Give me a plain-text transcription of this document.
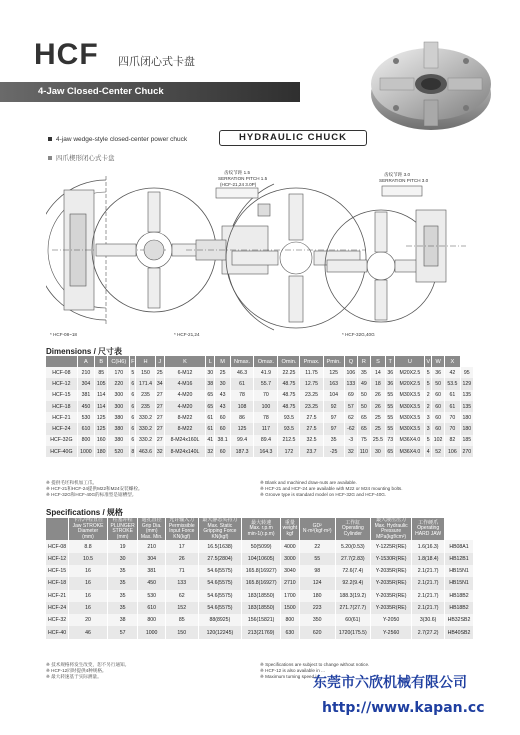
HCF 四爪闭心式卡盘
4-Jaw Closed-Center Chuck
4-jaw wedge-style closed-center power chuck
四爪楔形闭心式卡盘
HYDRAULIC CHUCK
* HCF-08~18	* HCF-21,24	* HCF-32G,40G
齿纹节距 1.5
SERRATION PITCH 1.5
(HCF-21,24 3.0P)
齿纹节距 3.0
SERRATION PITCH 3.0
Dimensions / 尺寸表
	A	B	C(H6)	F	H	J	K	L	M	Nmax.	Omax.	Omin.	Pmax.	Pmin.	Q	R	S	T	U	V	W	X	
HCF-08	210	85	170	5	150	25	6-M12	30	25	46.3	41.9	22.25	11.75	125	106	35	14	36	M20X2.5	5	36	42	95
HCF-12	304	105	220	6	171.4	34	4-M16	38	30	61	55.7	48.75	12.75	163	133	49	18	36	M20X2.5	5	50	53.5	129
HCF-15	381	114	300	6	235	27	4-M20	65	43	78	70	48.75	23.25	104	69	50	26	55	M30X3.5	2	60	61	135
HCF-18	450	114	300	6	235	27	4-M20	65	43	108	100	48.75	23.25	92	57	50	26	55	M30X3.5	2	60	61	135
HCF-21	530	125	380	6	330.2	27	8-M22	61	60	86	78	93.5	27.5	97	62	65	25	55	M30X3.5	3	60	70	180
HCF-24	610	125	380	6	330.2	27	8-M22	61	60	125	117	93.5	27.5	97	-62	65	25	55	M30X3.5	3	60	70	180
HCF-32G	800	160	380	6	330.2	27	8-M24x160L	41	38.1	99.4	89.4	212.5	32.5	35	-3	75	25.5	73	M36X4.0	5	102	82	185
HCF-40G	1000	180	520	8	463.6	32	8-M24x140L	32	60	187.3	164.3	172	23.7	-25	32	110	30	65	M36X4.0	4	52	106	270
※ 提供毛坯和机加工爪。
※ HCF-21和HCF-24提供M22和M24安装螺栓。
※ HCF-32G和HCF-40G的标准型是锯槽型。
※ Blank and machined draw-nuts are available.
※ HCF-21 and HCF-24 are available with M22 or M24 mounting bolts.
※ Groove type is standard model on HCF-32G and HCF-40G.
Specifications / 规格
	卡爪冲程直径
Jaw STROKE
Diameter
(mm)	柱塞冲程
PLUNGER
STROKE
(mm)	通孔直径
Grip Dia.
(mm)
Max. Min.	允许输入力
Permissible
Input Force
KN(kgf)	最大静态夹持力
Max. Static
Gripping Force
KN(kgf)	最大转速
Max. r.p.m
min-1(r.p.m)	重量
weight
kgf	GD²
N·m²(kgf·m²)	工作缸
Operating
Cylinder	最大液压压力
Max. Hydraulic
Pressure
MPa(kgf/cm²)	工作硬爪
Operating
HARD JAW	
HCF-08	8.8	19	210	17	16.5(1638)	50(5099)	4000	22	5.20(0.53)	Y-1225R(RE)	1.6(16.3)	HB08A1
HCF-12	10.5	30	304	26	27.5(2804)	104(10605)	3000	55	27.7(2.83)	Y-1530R(RE)	1.8(18.4)	HB12B1
HCF-15	16	35	381	71	54.6(5575)	165.8(16927)	3040	98	72.6(7.4)	Y-2035R(RE)	2.1(21.7)	HB15N1
HCF-18	16	35	450	133	54.6(5575)	165.8(16927)	2710	124	92.2(9.4)	Y-2035R(RE)	2.1(21.7)	HB15N1
HCF-21	16	35	530	62	54.6(5575)	183(18550)	1700	180	188.3(19.2)	Y-2035R(RE)	2.1(21.7)	HB18B2
HCF-24	16	35	610	152	54.6(5575)	183(18550)	1500	223	271.7(27.7)	Y-2035R(RE)	2.1(21.7)	HB18B2
HCF-32	20	38	800	85	88(8925)	156(15821)	800	350	60(61)	Y-2050	3(30.6)	HB32SB2
HCF-40	46	57	1000	150	120(12245)	213(21769)	630	620	1720(175.5)	Y-2560	2.7(27.2)	HB40SB2
※ 技术规格将发生改变，恕不另行通知。
※ HCF-12同时提供4种规格。
※ 最大转速基于实际测量。
※ Specifications are subject to change without notice.
※ HCF-12 is also available in ...
※ Maximum turning speed is ...
东莞市六欣机械有限公司
http://www.kapan.cc
